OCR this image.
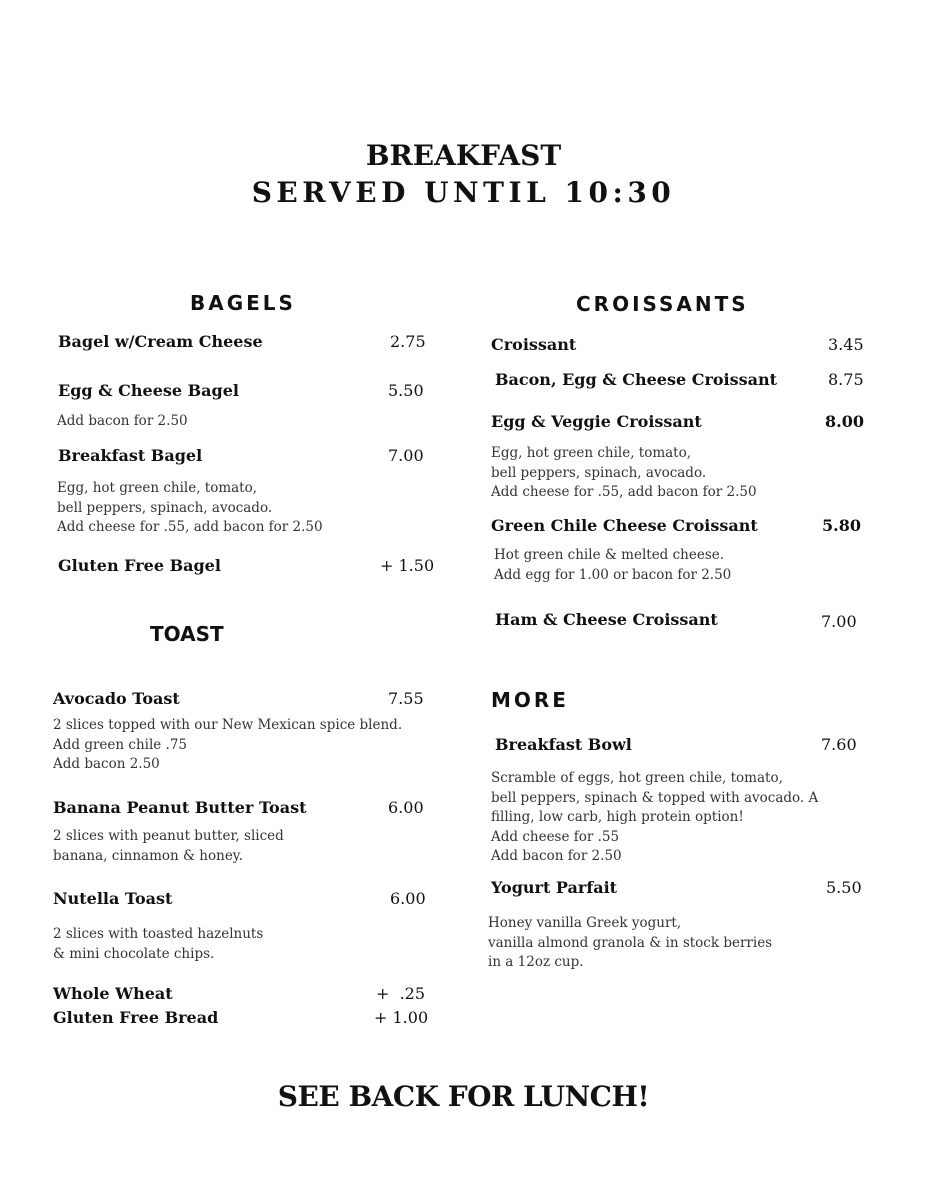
BREAKFAST
SERVED UNTIL 10:30
BAGELS
Bagel w/Cream Cheese	2.75
Egg & Cheese Bagel	5.50
Add bacon for 2.50
Breakfast Bagel	7.00
Egg, hot green chile, tomato,
bell peppers, spinach, avocado.
Add cheese for .55, add bacon for 2.50
Gluten Free Bagel	+ 1.50
TOAST
Avocado Toast	7.55
2 slices topped with our New Mexican spice blend.
Add green chile .75
Add bacon 2.50
Banana Peanut Butter Toast	6.00
2 slices with peanut butter, sliced
banana, cinnamon & honey.
Nutella Toast	6.00
2 slices with toasted hazelnuts
& mini chocolate chips.
Whole Wheat	+  .25
Gluten Free Bread	+ 1.00
CROISSANTS
Croissant	3.45
Bacon, Egg & Cheese Croissant	8.75
Egg & Veggie Croissant	8.00
Egg, hot green chile, tomato,
bell peppers, spinach, avocado.
Add cheese for .55, add bacon for 2.50
Green Chile Cheese Croissant	5.80
Hot green chile & melted cheese.
Add egg for 1.00 or bacon for 2.50
Ham & Cheese Croissant	7.00
MORE
Breakfast Bowl	7.60
Scramble of eggs, hot green chile, tomato,
bell peppers, spinach & topped with avocado. A
filling, low carb, high protein option!
Add cheese for .55
Add bacon for 2.50
Yogurt Parfait	5.50
Honey vanilla Greek yogurt,
vanilla almond granola & in stock berries
in a 12oz cup.
SEE BACK FOR LUNCH!
